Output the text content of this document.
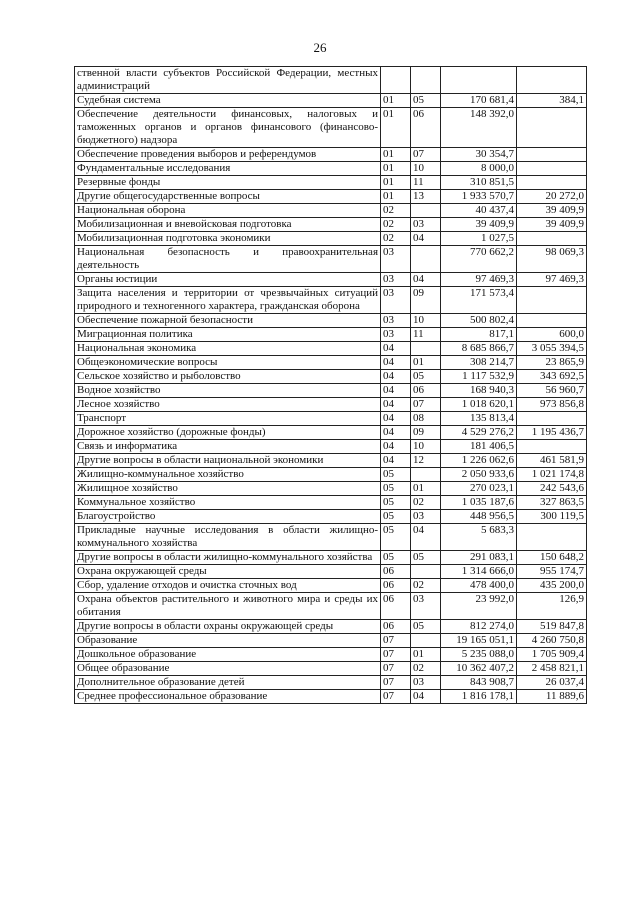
26
ственной власти субъектов Российской Федерации, местных администраций				
Судебная система	01	05	170 681,4	384,1
Обеспечение деятельности финансовых, налоговых и таможенных органов и органов финансового (финансово-бюджетного) надзора	01	06	148 392,0	
Обеспечение проведения выборов и референдумов	01	07	30 354,7	
Фундаментальные исследования	01	10	8 000,0	
Резервные фонды	01	11	310 851,5	
Другие общегосударственные вопросы	01	13	1 933 570,7	20 272,0
Национальная оборона	02		40 437,4	39 409,9
Мобилизационная и вневойсковая подготовка	02	03	39 409,9	39 409,9
Мобилизационная подготовка экономики	02	04	1 027,5	
Национальная безопасность и правоохранительная деятельность	03		770 662,2	98 069,3
Органы юстиции	03	04	97 469,3	97 469,3
Защита населения и территории от чрезвычайных ситуаций природного и техногенного характера, гражданская оборона	03	09	171 573,4	
Обеспечение пожарной безопасности	03	10	500 802,4	
Миграционная политика	03	11	817,1	600,0
Национальная экономика	04		8 685 866,7	3 055 394,5
Общеэкономические вопросы	04	01	308 214,7	23 865,9
Сельское хозяйство и рыболовство	04	05	1 117 532,9	343 692,5
Водное хозяйство	04	06	168 940,3	56 960,7
Лесное хозяйство	04	07	1 018 620,1	973 856,8
Транспорт	04	08	135 813,4	
Дорожное хозяйство (дорожные фонды)	04	09	4 529 276,2	1 195 436,7
Связь и информатика	04	10	181 406,5	
Другие вопросы в области национальной экономики	04	12	1 226 062,6	461 581,9
Жилищно-коммунальное хозяйство	05		2 050 933,6	1 021 174,8
Жилищное хозяйство	05	01	270 023,1	242 543,6
Коммунальное хозяйство	05	02	1 035 187,6	327 863,5
Благоустройство	05	03	448 956,5	300 119,5
Прикладные научные исследования в области жилищно-коммунального хозяйства	05	04	5 683,3	
Другие вопросы в области жилищно-коммунального хозяйства	05	05	291 083,1	150 648,2
Охрана окружающей среды	06		1 314 666,0	955 174,7
Сбор, удаление отходов и очистка сточных вод	06	02	478 400,0	435 200,0
Охрана объектов растительного и животного мира и среды их обитания	06	03	23 992,0	126,9
Другие вопросы в области охраны окружающей среды	06	05	812 274,0	519 847,8
Образование	07		19 165 051,1	4 260 750,8
Дошкольное образование	07	01	5 235 088,0	1 705 909,4
Общее образование	07	02	10 362 407,2	2 458 821,1
Дополнительное образование детей	07	03	843 908,7	26 037,4
Среднее профессиональное образование	07	04	1 816 178,1	11 889,6
